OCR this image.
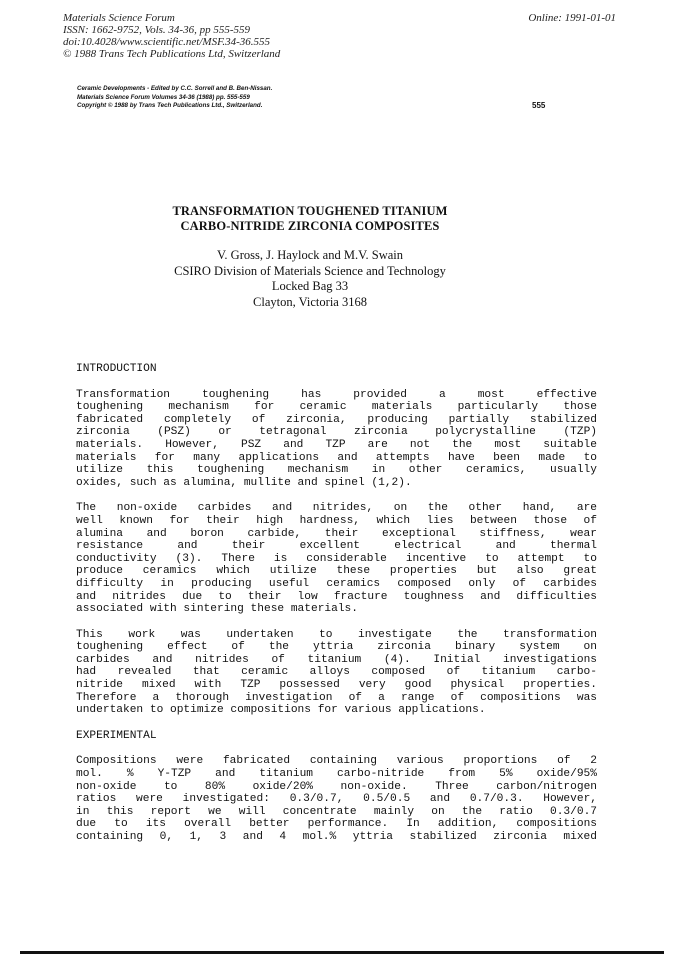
Materials Science Forum
ISSN: 1662-9752, Vols. 34-36, pp 555-559
doi:10.4028/www.scientific.net/MSF.34-36.555
© 1988 Trans Tech Publications Ltd, Switzerland
Online: 1991-01-01
Ceramic Developments - Edited by C.C. Sorrell and B. Ben-Nissan.
Materials Science Forum Volumes 34-36 (1988) pp. 555-559
Copyright © 1988 by Trans Tech Publications Ltd., Switzerland.	555
TRANSFORMATION TOUGHENED TITANIUM
CARBO-NITRIDE ZIRCONIA COMPOSITES
V. Gross, J. Haylock and M.V. Swain
CSIRO Division of Materials Science and Technology
Locked Bag 33
Clayton, Victoria 3168
INTRODUCTION
Transformation toughening has provided a most effective
toughening mechanism for ceramic materials particularly those
fabricated completely of zirconia, producing partially stabilized
zirconia (PSZ) or tetragonal zirconia polycrystalline (TZP)
materials. However, PSZ and TZP are not the most suitable
materials for many applications and attempts have been made to
utilize this toughening mechanism in other ceramics, usually
oxides, such as alumina, mullite and spinel (1,2).
The non-oxide carbides and nitrides, on the other hand, are
well known for their high hardness, which lies between those of
alumina and boron carbide, their exceptional stiffness, wear
resistance and their excellent electrical and thermal
conductivity (3). There is considerable incentive to attempt to
produce ceramics which utilize these properties but also great
difficulty in producing useful ceramics composed only of carbides
and nitrides due to their low fracture toughness and difficulties
associated with sintering these materials.
This work was undertaken to investigate the transformation
toughening effect of the yttria zirconia binary system on
carbides and nitrides of titanium (4). Initial investigations
had revealed that ceramic alloys composed of titanium carbo-
nitride mixed with TZP possessed very good physical properties.
Therefore a thorough investigation of a range of compositions was
undertaken to optimize compositions for various applications.
EXPERIMENTAL
Compositions were fabricated containing various proportions of 2
mol. % Y-TZP and titanium carbo-nitride from 5% oxide/95%
non-oxide to 80% oxide/20% non-oxide. Three carbon/nitrogen
ratios were investigated: 0.3/0.7, 0.5/0.5 and 0.7/0.3. However,
in this report we will concentrate mainly on the ratio 0.3/0.7
due to its overall better performance. In addition, compositions
containing 0, 1, 3 and 4 mol.% yttria stabilized zirconia mixed
